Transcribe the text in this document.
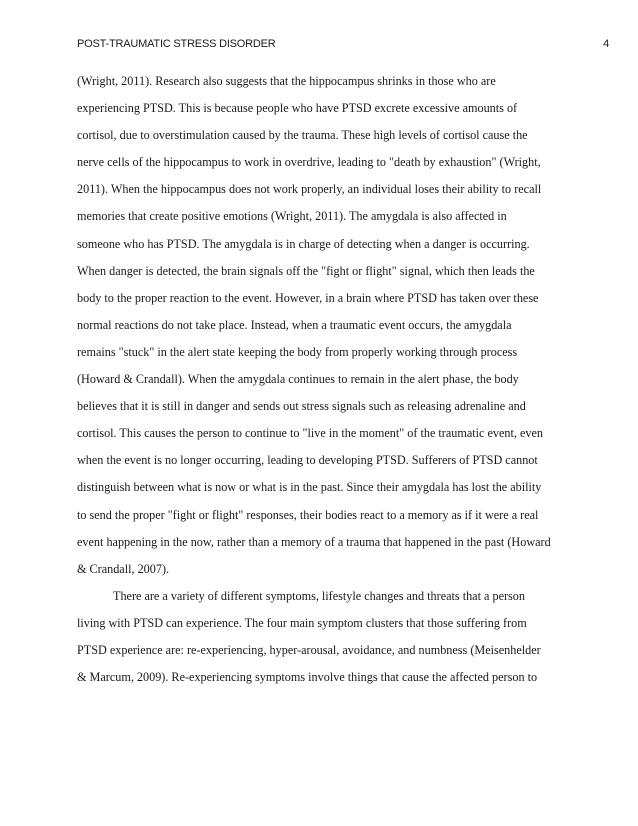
POST-TRAUMATIC STRESS DISORDER	4
(Wright, 2011). Research also suggests that the hippocampus shrinks in those who are
experiencing PTSD. This is because people who have PTSD excrete excessive amounts of
cortisol, due to overstimulation caused by the trauma. These high levels of cortisol cause the
nerve cells of the hippocampus to work in overdrive, leading to "death by exhaustion" (Wright,
2011). When the hippocampus does not work properly, an individual loses their ability to recall
memories that create positive emotions (Wright, 2011). The amygdala is also affected in
someone who has PTSD. The amygdala is in charge of detecting when a danger is occurring.
When danger is detected, the brain signals off the "fight or flight" signal, which then leads the
body to the proper reaction to the event. However, in a brain where PTSD has taken over these
normal reactions do not take place. Instead, when a traumatic event occurs, the amygdala
remains "stuck" in the alert state keeping the body from properly working through process
(Howard & Crandall). When the amygdala continues to remain in the alert phase, the body
believes that it is still in danger and sends out stress signals such as releasing adrenaline and
cortisol. This causes the person to continue to "live in the moment" of the traumatic event, even
when the event is no longer occurring, leading to developing PTSD. Sufferers of PTSD cannot
distinguish between what is now or what is in the past. Since their amygdala has lost the ability
to send the proper "fight or flight" responses, their bodies react to a memory as if it were a real
event happening in the now, rather than a memory of a trauma that happened in the past (Howard
& Crandall, 2007).
There are a variety of different symptoms, lifestyle changes and threats that a person
living with PTSD can experience. The four main symptom clusters that those suffering from
PTSD experience are: re-experiencing, hyper-arousal, avoidance, and numbness (Meisenhelder
& Marcum, 2009). Re-experiencing symptoms involve things that cause the affected person to
